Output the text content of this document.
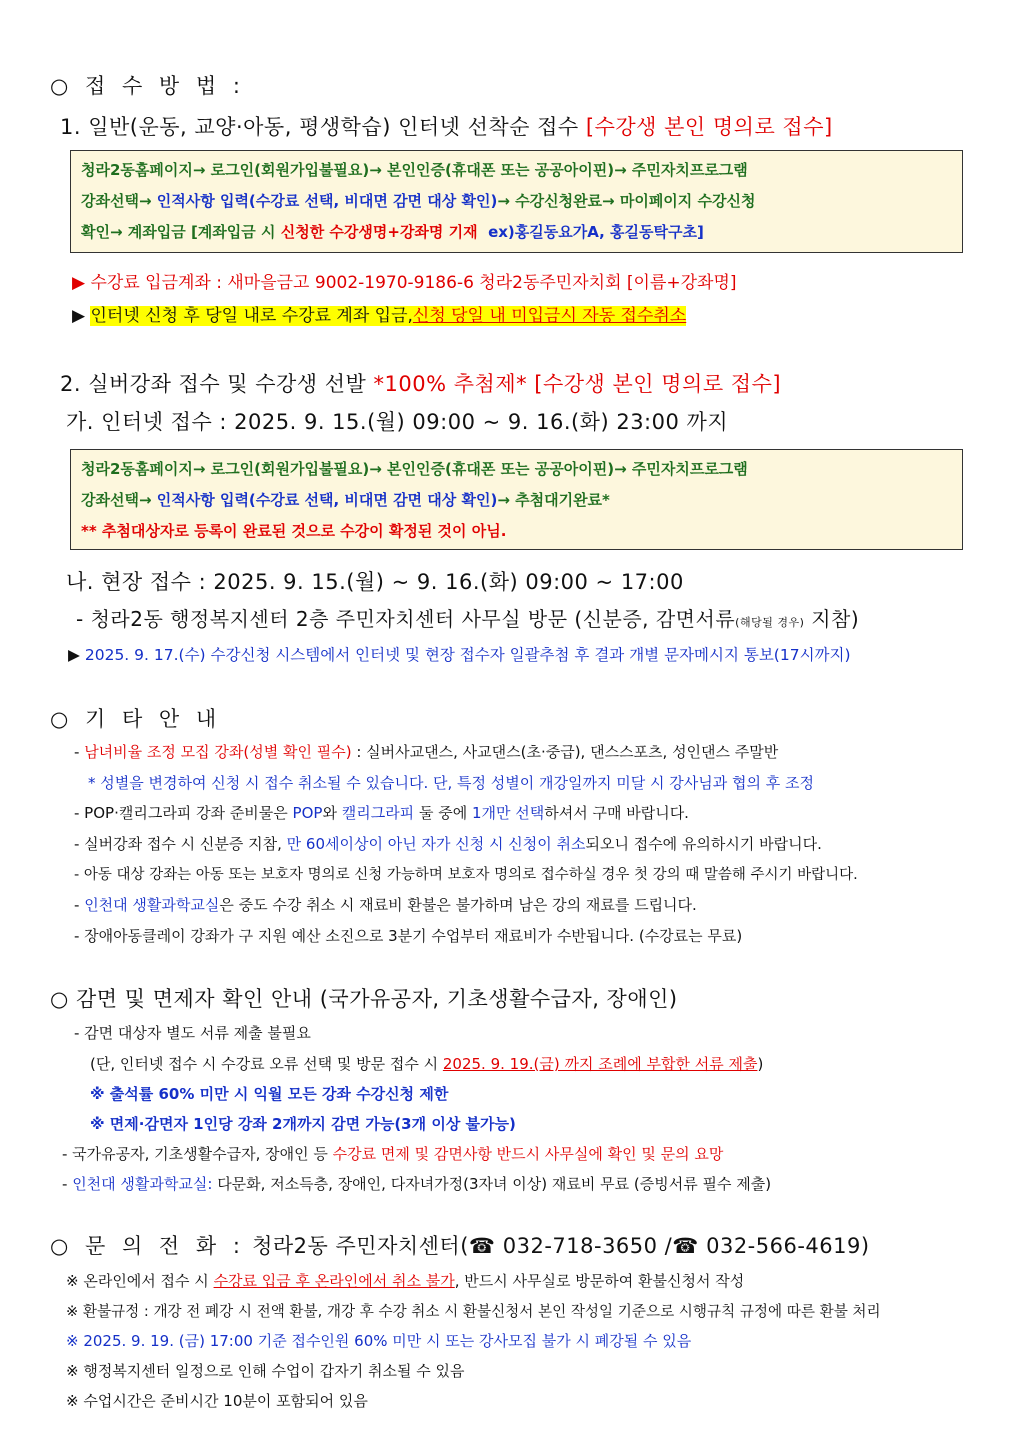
○ 접 수 방 법 :
1. 일반(운동, 교양·아동, 평생학습) 인터넷 선착순 접수 [수강생 본인 명의로 접수]
청라2동홈페이지→ 로그인(회원가입불필요)→ 본인인증(휴대폰 또는 공공아이핀)→ 주민자치프로그램
강좌선택→ 인적사항 입력(수강료 선택, 비대면 감면 대상 확인)→ 수강신청완료→ 마이페이지 수강신청
확인→ 계좌입금 [계좌입금 시 신청한 수강생명+강좌명 기재 ex)홍길동요가A, 홍길동탁구초]
▶ 수강료 입금계좌 : 새마을금고 9002-1970-9186-6 청라2동주민자치회 [이름+강좌명]
▶ 인터넷 신청 후 당일 내로 수강료 계좌 입금,신청 당일 내 미입금시 자동 접수취소
2. 실버강좌 접수 및 수강생 선발 *100% 추첨제* [수강생 본인 명의로 접수]
가. 인터넷 접수 : 2025. 9. 15.(월) 09:00 ~ 9. 16.(화) 23:00 까지
청라2동홈페이지→ 로그인(회원가입불필요)→ 본인인증(휴대폰 또는 공공아이핀)→ 주민자치프로그램
강좌선택→ 인적사항 입력(수강료 선택, 비대면 감면 대상 확인)→ 추첨대기완료*
** 추첨대상자로 등록이 완료된 것으로 수강이 확정된 것이 아님.
나. 현장 접수 : 2025. 9. 15.(월) ~ 9. 16.(화) 09:00 ~ 17:00
- 청라2동 행정복지센터 2층 주민자치센터 사무실 방문 (신분증, 감면서류(해당될 경우) 지참)
▶ 2025. 9. 17.(수) 수강신청 시스템에서 인터넷 및 현장 접수자 일괄추첨 후 결과 개별 문자메시지 통보(17시까지)
○ 기 타 안 내
- 남녀비율 조정 모집 강좌(성별 확인 필수) : 실버사교댄스, 사교댄스(초·중급), 댄스스포츠, 성인댄스 주말반
* 성별을 변경하여 신청 시 접수 취소될 수 있습니다. 단, 특정 성별이 개강일까지 미달 시 강사님과 협의 후 조정
- POP·캘리그라피 강좌 준비물은 POP와 캘리그라피 둘 중에 1개만 선택하셔서 구매 바랍니다.
- 실버강좌 접수 시 신분증 지참, 만 60세이상이 아닌 자가 신청 시 신청이 취소되오니 접수에 유의하시기 바랍니다.
- 아동 대상 강좌는 아동 또는 보호자 명의로 신청 가능하며 보호자 명의로 접수하실 경우 첫 강의 때 말씀해 주시기 바랍니다.
- 인천대 생활과학교실은 중도 수강 취소 시 재료비 환불은 불가하며 남은 강의 재료를 드립니다.
- 장애아동클레이 강좌가 구 지원 예산 소진으로 3분기 수업부터 재료비가 수반됩니다. (수강료는 무료)
○ 감면 및 면제자 확인 안내 (국가유공자, 기초생활수급자, 장애인)
- 감면 대상자 별도 서류 제출 불필요
(단, 인터넷 접수 시 수강료 오류 선택 및 방문 접수 시 2025. 9. 19.(금) 까지 조례에 부합한 서류 제출)
※ 출석률 60% 미만 시 익월 모든 강좌 수강신청 제한
※ 면제·감면자 1인당 강좌 2개까지 감면 가능(3개 이상 불가능)
- 국가유공자, 기초생활수급자, 장애인 등 수강료 면제 및 감면사항 반드시 사무실에 확인 및 문의 요망
- 인천대 생활과학교실: 다문화, 저소득층, 장애인, 다자녀가정(3자녀 이상) 재료비 무료 (증빙서류 필수 제출)
○ 문 의 전 화 : 청라2동 주민자치센터(☎ 032-718-3650 /☎ 032-566-4619)
※ 온라인에서 접수 시 수강료 입금 후 온라인에서 취소 불가, 반드시 사무실로 방문하여 환불신청서 작성
※ 환불규정 : 개강 전 폐강 시 전액 환불, 개강 후 수강 취소 시 환불신청서 본인 작성일 기준으로 시행규칙 규정에 따른 환불 처리
※ 2025. 9. 19. (금) 17:00 기준 접수인원 60% 미만 시 또는 강사모집 불가 시 폐강될 수 있음
※ 행정복지센터 일정으로 인해 수업이 갑자기 취소될 수 있음
※ 수업시간은 준비시간 10분이 포함되어 있음
